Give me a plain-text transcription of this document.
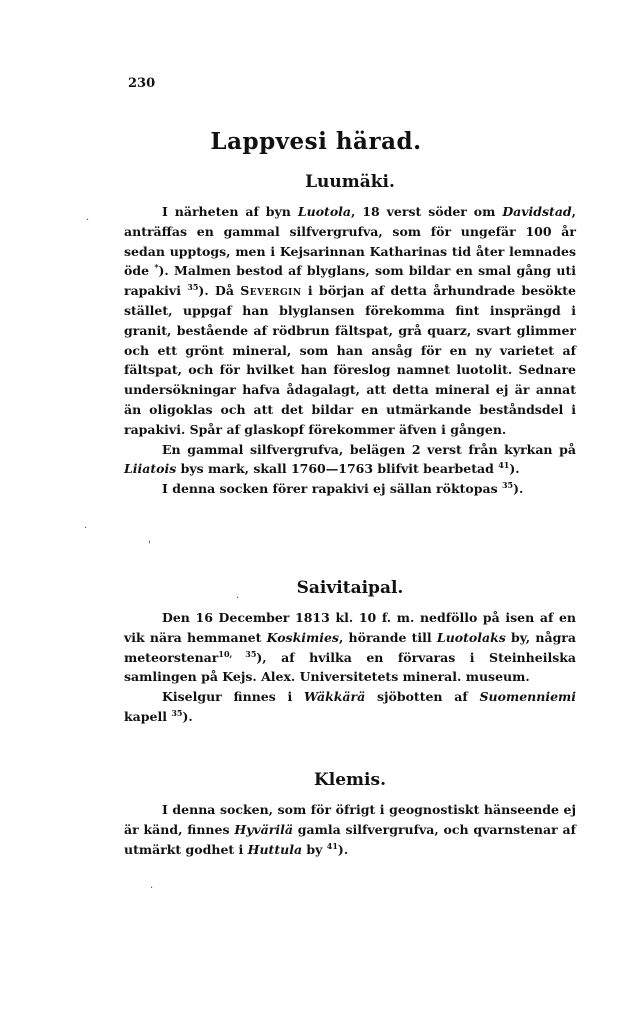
230
Lappvesi härad.
.
.
'
.
.
Luumäki.

I närheten af byn Luotola, 18 verst söder om Davidstad, anträffas en gammal silfvergrufva, som för ungefär 100 år sedan upptogs, men i Kejsarinnan Katharinas tid åter lemnades öde *). Malmen bestod af blyglans, som bildar en smal gång uti rapakivi $^{35}$). Då Severgin i början af detta århundrade besökte stället, uppgaf han blyglansen förekomma fint insprängd i granit, bestående af rödbrun fältspat, grå quarz, svart glimmer och ett grönt mineral, som han ansåg för en ny varietet af fältspat, och för hvilket han föreslog namnet luotolit. Sednare undersökningar hafva ådagalagt, att detta mineral ej är annat än oligoklas och att det bildar en utmärkande beståndsdel i rapakivi. Spår af glaskopf förekommer äfven i gången.

En gammal silfvergrufva, belägen 2 verst från kyrkan på Liiatois bys mark, skall 1760—1763 blifvit bearbetad $^{41}$).

I denna socken förer rapakivi ej sällan röktopas $^{35}$).

Saivitaipal.

Den 16 December 1813 kl. 10 f. m. nedföllo på isen af en vik nära hemmanet Koskimies, hörande till Luotolaks by, några meteorstenar$^{10, 35}$), af hvilka en förvaras i Steinheilska samlingen på Kejs. Alex. Universitetets mineral. museum.

Kiselgur finnes i Wäkkärä sjöbotten af Suomenniemi kapell $^{35}$).

Klemis.

I denna socken, som för öfrigt i geognostiskt hänseende ej är känd, finnes Hyvärilä gamla silfvergrufva, och qvarnstenar af utmärkt godhet i Huttula by $^{41}$).
